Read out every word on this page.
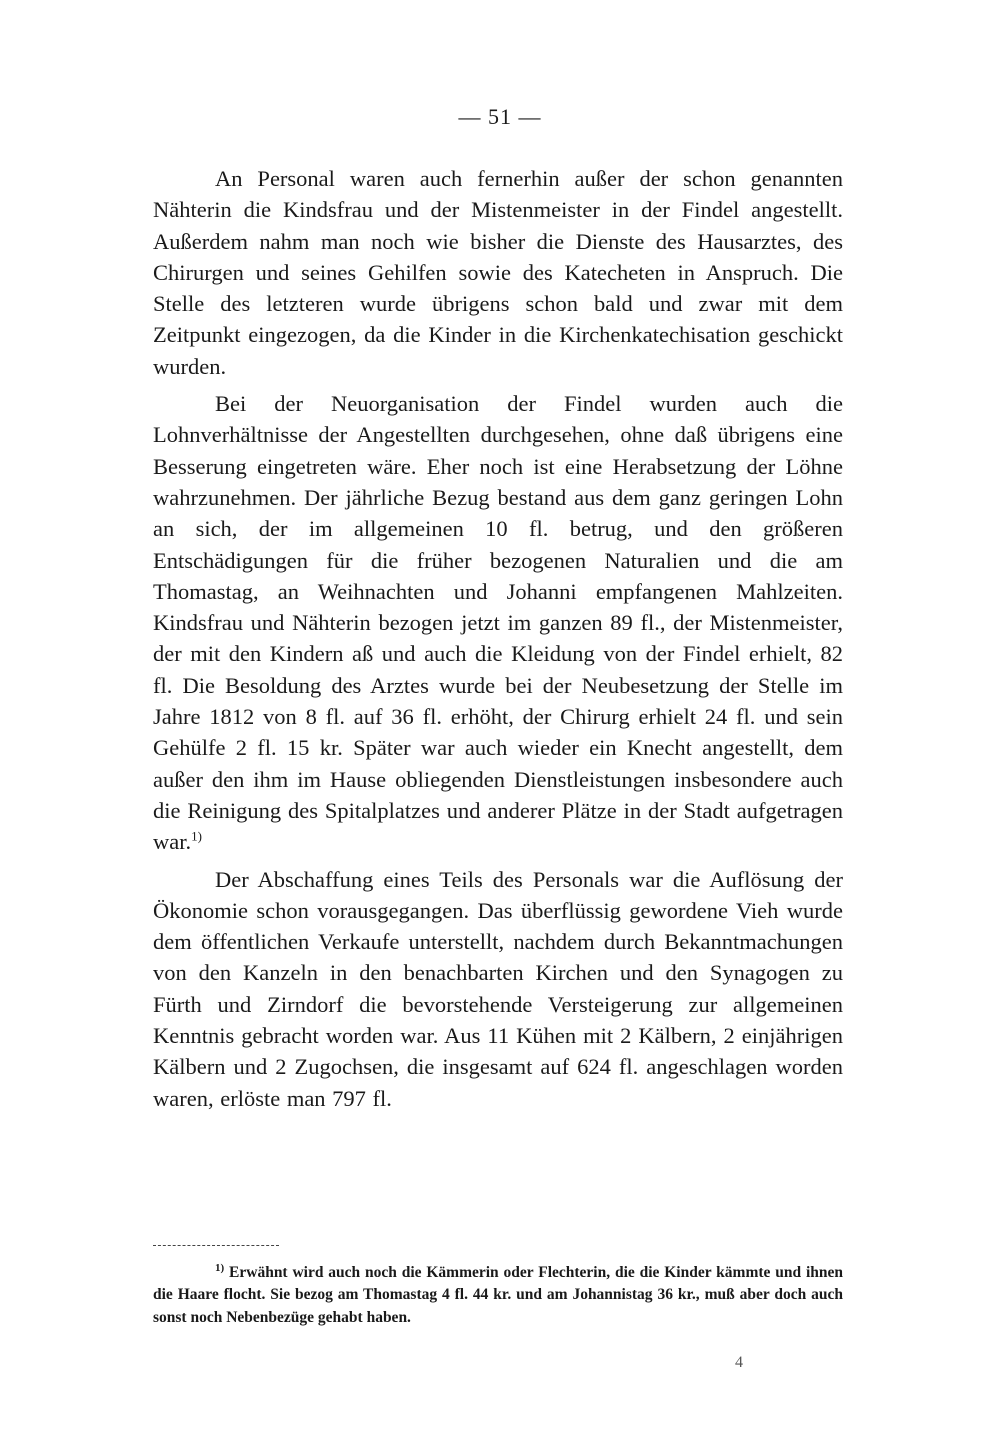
— 51 —

An Personal waren auch fernerhin außer der schon genannten Nähterin die Kindsfrau und der Mistenmeister in der Findel angestellt. Außerdem nahm man noch wie bisher die Dienste des Hausarztes, des Chirurgen und seines Gehilfen sowie des Katecheten in Anspruch. Die Stelle des letzteren wurde übrigens schon bald und zwar mit dem Zeitpunkt eingezogen, da die Kinder in die Kirchenkatechisation geschickt wurden.

Bei der Neuorganisation der Findel wurden auch die Lohnverhältnisse der Angestellten durchgesehen, ohne daß übrigens eine Besserung eingetreten wäre. Eher noch ist eine Herabsetzung der Löhne wahrzunehmen. Der jährliche Bezug bestand aus dem ganz geringen Lohn an sich, der im allgemeinen 10 fl. betrug, und den größeren Entschädigungen für die früher bezogenen Naturalien und die am Thomastag, an Weihnachten und Johanni empfangenen Mahlzeiten. Kindsfrau und Nähterin bezogen jetzt im ganzen 89 fl., der Mistenmeister, der mit den Kindern aß und auch die Kleidung von der Findel erhielt, 82 fl. Die Besoldung des Arztes wurde bei der Neubesetzung der Stelle im Jahre 1812 von 8 fl. auf 36 fl. erhöht, der Chirurg erhielt 24 fl. und sein Gehülfe 2 fl. 15 kr. Später war auch wieder ein Knecht angestellt, dem außer den ihm im Hause obliegenden Dienstleistungen insbesondere auch die Reinigung des Spitalplatzes und anderer Plätze in der Stadt aufgetragen war.$^{1)}$

Der Abschaffung eines Teils des Personals war die Auflösung der Ökonomie schon vorausgegangen. Das überflüssig gewordene Vieh wurde dem öffentlichen Verkaufe unterstellt, nachdem durch Bekanntmachungen von den Kanzeln in den benachbarten Kirchen und den Synagogen zu Fürth und Zirndorf die bevorstehende Versteigerung zur allgemeinen Kenntnis gebracht worden war. Aus 11 Kühen mit 2 Kälbern, 2 einjährigen Kälbern und 2 Zugochsen, die insgesamt auf 624 fl. angeschlagen worden waren, erlöste man 797 fl.

$^{1)}$ Erwähnt wird auch noch die Kämmerin oder Flechterin, die die Kinder kämmte und ihnen die Haare flocht. Sie bezog am Thomastag 4 fl. 44 kr. und am Johannistag 36 kr., muß aber doch auch sonst noch Nebenbezüge gehabt haben.

4
